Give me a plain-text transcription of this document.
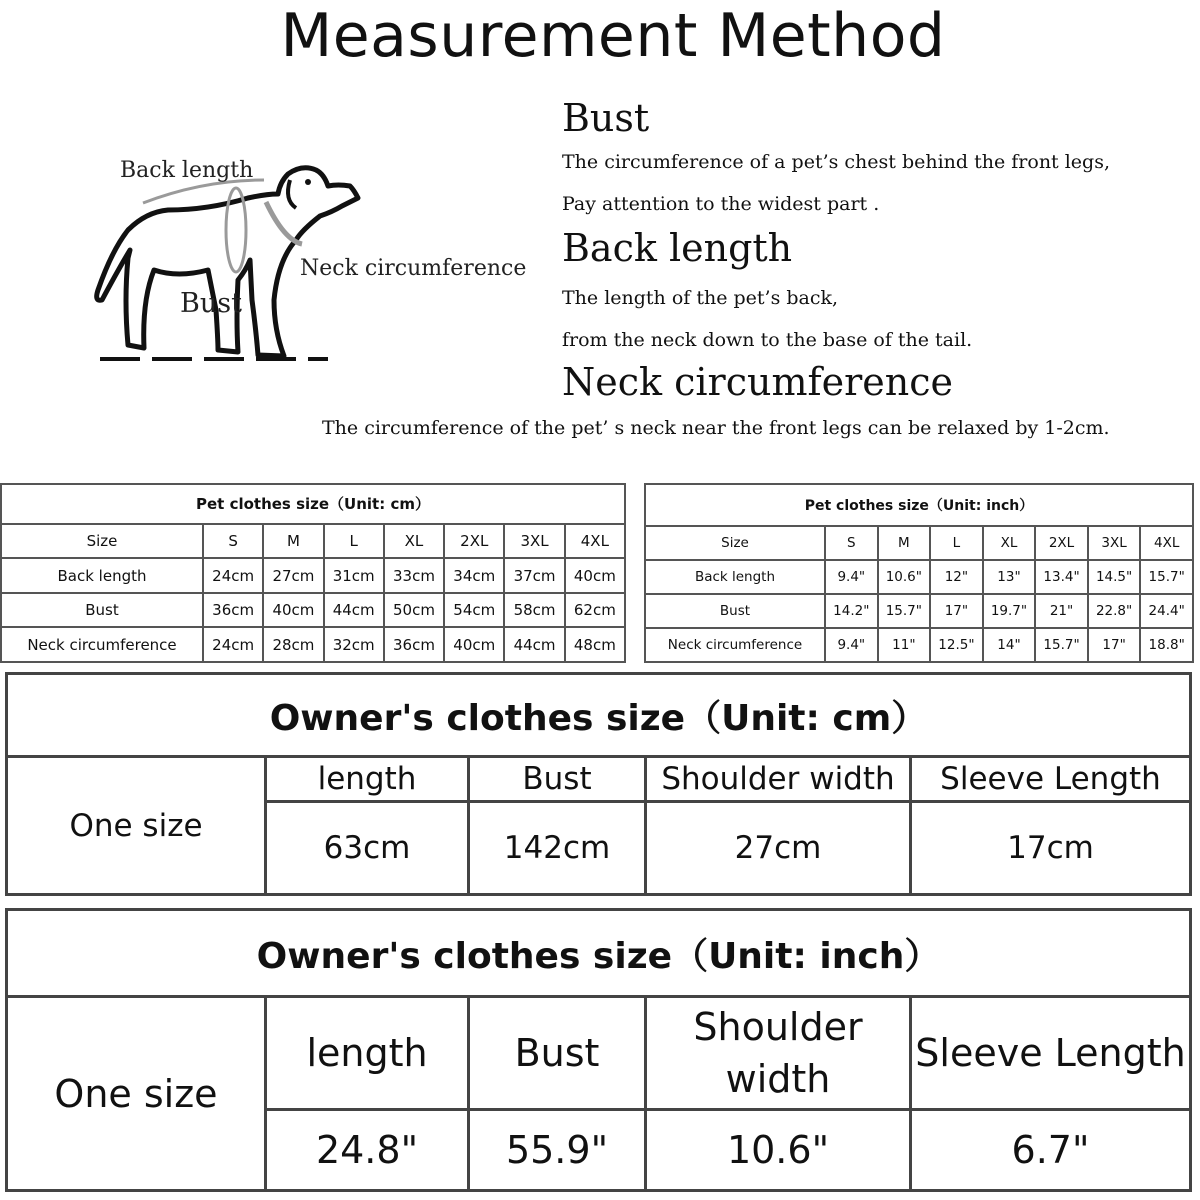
Measurement Method
Back length
Bust
Neck circumference
Bust
The circumference of a pet’s chest behind the front legs,
Pay attention to the widest part .
Back length
The length of the pet’s back,
from the neck down to the base of the tail.
Neck circumference
The circumference of the pet’ s neck near the front legs can be relaxed by 1-2cm.
Pet clothes size（Unit: cm）							
Size	S	M	L	XL	2XL	3XL	4XL
Back length	24cm	27cm	31cm	33cm	34cm	37cm	40cm
Bust	36cm	40cm	44cm	50cm	54cm	58cm	62cm
Neck circumference	24cm	28cm	32cm	36cm	40cm	44cm	48cm
Pet clothes size（Unit: inch）							
Size	S	M	L	XL	2XL	3XL	4XL
Back length	9.4"	10.6"	12"	13"	13.4"	14.5"	15.7"
Bust	14.2"	15.7"	17"	19.7"	21"	22.8"	24.4"
Neck circumference	9.4"	11"	12.5"	14"	15.7"	17"	18.8"
Owner's clothes size（Unit: cm）				
One size	length	Bust	Shoulder width	Sleeve Length
	63cm	142cm	27cm	17cm
Owner's clothes size（Unit: inch）				
One size	length	Bust	Shoulder width	Sleeve Length
	24.8"	55.9"	10.6"	6.7"
